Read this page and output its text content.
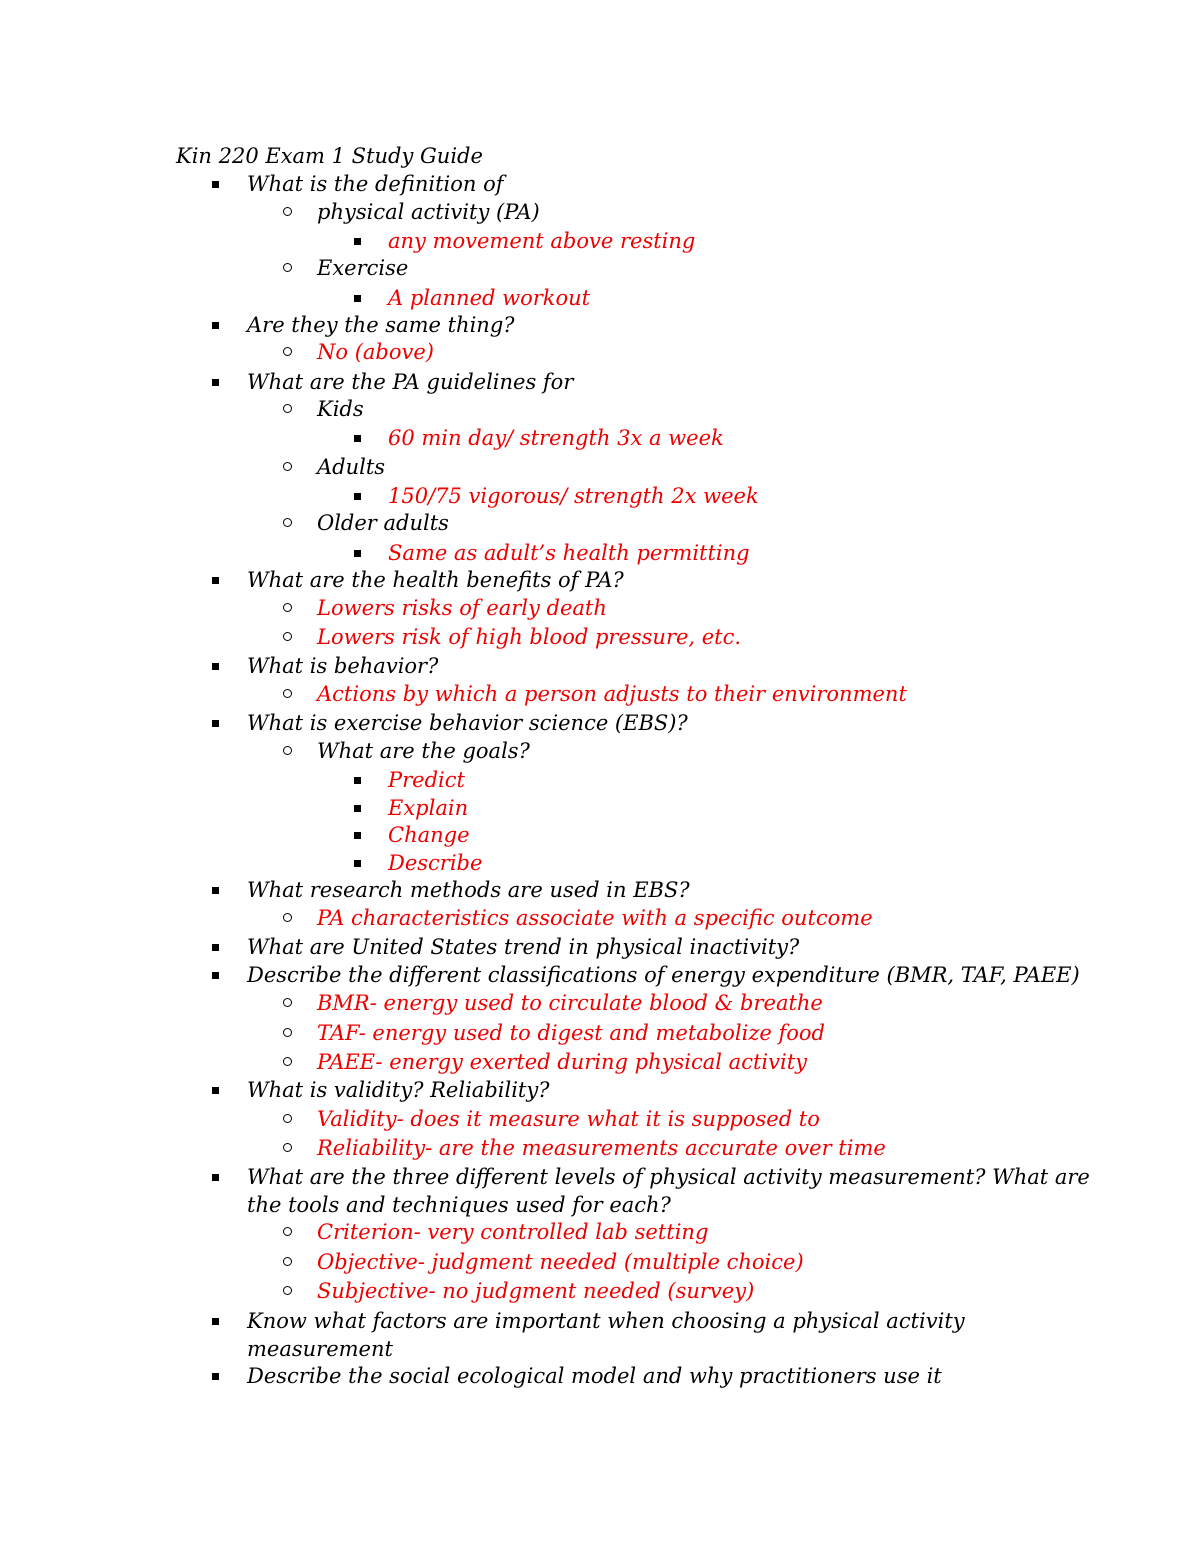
Kin 220 Exam 1 Study Guide
What is the definition of
physical activity (PA)
any movement above resting
Exercise
A planned workout
Are they the same thing?
No (above)
What are the PA guidelines for
Kids
60 min day/ strength 3x a week
Adults
150/75 vigorous/ strength 2x week
Older adults
Same as adult’s health permitting
What are the health benefits of PA?
Lowers risks of early death
Lowers risk of high blood pressure, etc.
What is behavior?
Actions by which a person adjusts to their environment
What is exercise behavior science (EBS)?
What are the goals?
Predict
Explain
Change
Describe
What research methods are used in EBS?
PA characteristics associate with a specific outcome
What are United States trend in physical inactivity?
Describe the different classifications of energy expenditure (BMR, TAF, PAEE)
BMR- energy used to circulate blood & breathe
TAF- energy used to digest and metabolize food
PAEE- energy exerted during physical activity
What is validity? Reliability?
Validity- does it measure what it is supposed to
Reliability- are the measurements accurate over time
What are the three different levels of physical activity measurement? What are
the tools and techniques used for each?
Criterion- very controlled lab setting
Objective- judgment needed (multiple choice)
Subjective- no judgment needed (survey)
Know what factors are important when choosing a physical activity
measurement
Describe the social ecological model and why practitioners use it
